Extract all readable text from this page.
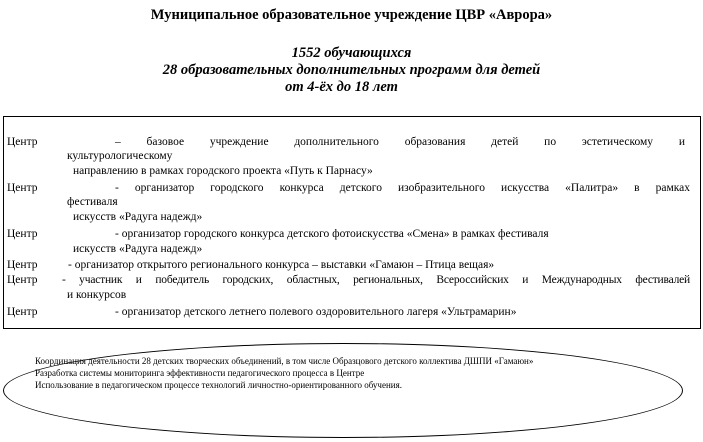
Муниципальное образовательное учреждение ЦВР «Аврора»
1552 обучающихся
28 образовательных дополнительных программ для детей
от 4-ёх до 18 лет
Центр	– базовое учреждение дополнительного образования детей по эстетическому и
культурологическому
направлению в рамках городского проекта «Путь к Парнасу»
Центр	- организатор городского конкурса детского изобразительного искусства «Палитра» в рамках
фестиваля
искусств «Радуга надежд»
Центр	- организатор городского конкурса детского фотоискусства «Смена» в рамках фестиваля
искусств «Радуга надежд»
Центр	- организатор открытого регионального конкурса – выставки «Гамаюн – Птица вещая»
Центр - участник и победитель городских, областных, региональных, Всероссийских и Международных фестивалей
и конкурсов
Центр	- организатор детского летнего полевого оздоровительного лагеря «Ультрамарин»
Координация деятельности 28 детских творческих объединений, в том числе Образцового детского коллектива ДШПИ «Гамаюн»
Разработка системы мониторинга эффективности педагогического процесса в Центре
Использование в педагогическом процессе технологий личностно-ориентированного обучения.
